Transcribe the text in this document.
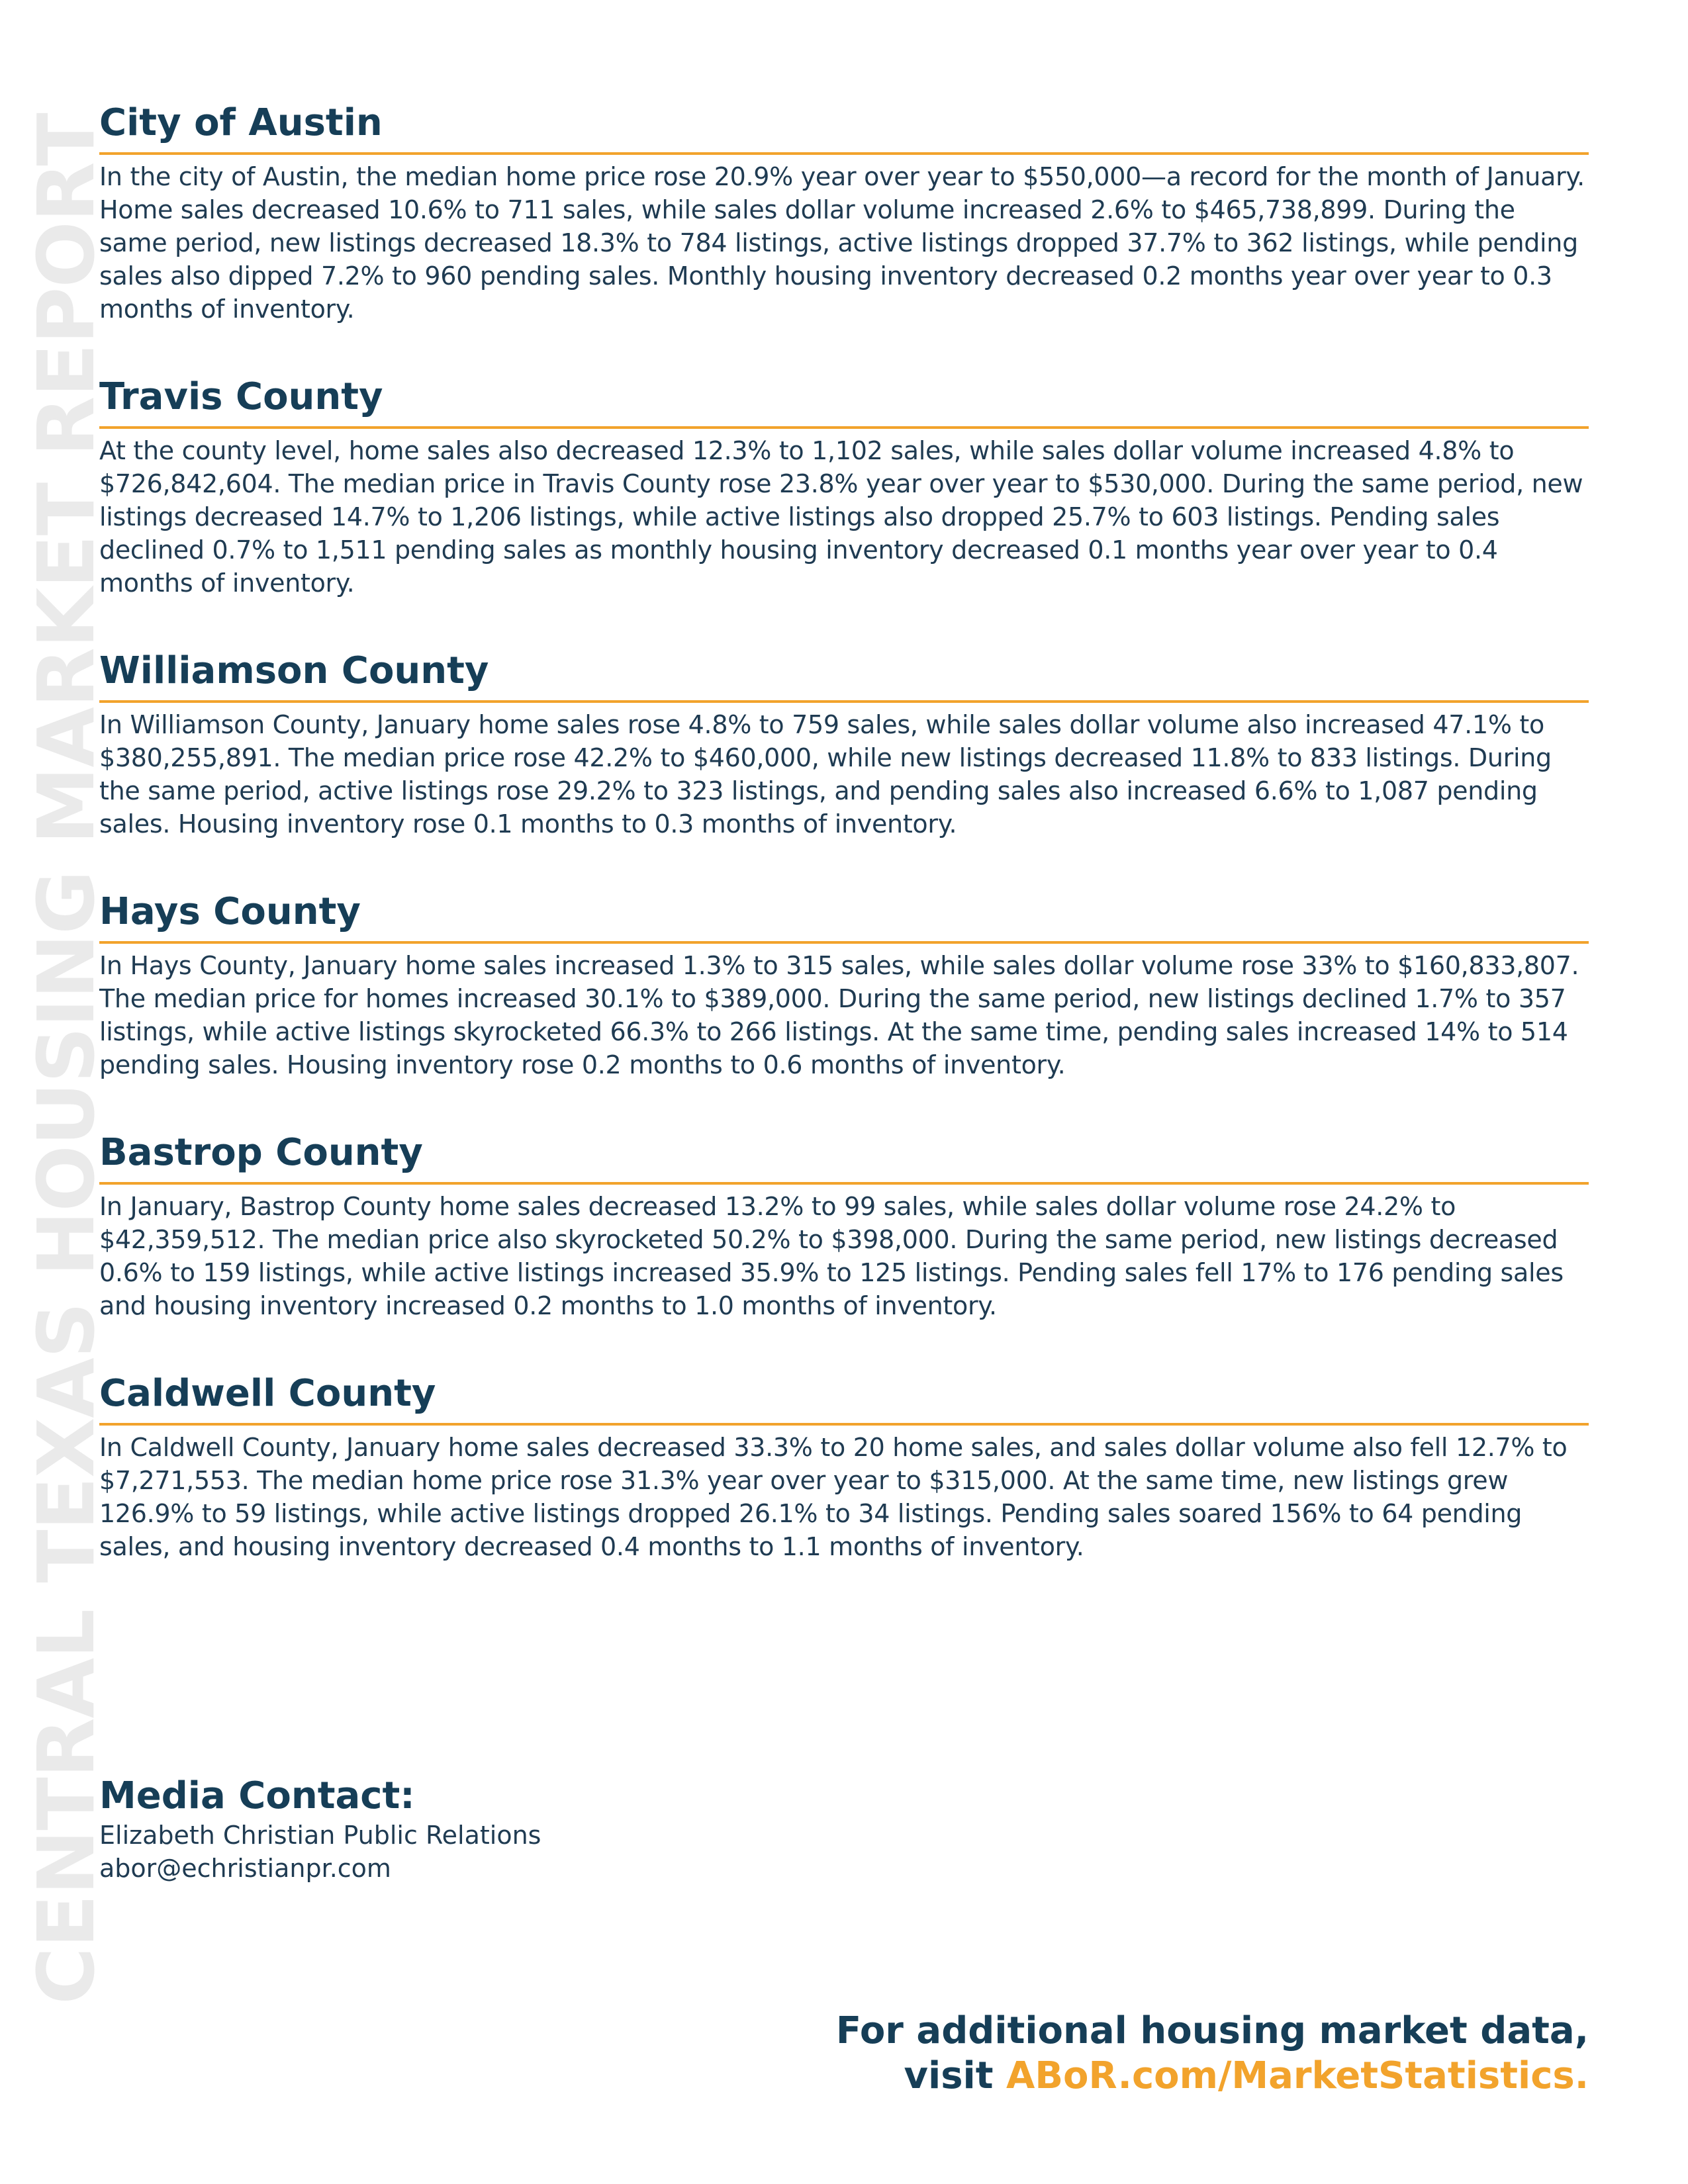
CENTRAL TEXAS HOUSING MARKET REPORT
City of Austin

In the city of Austin, the median home price rose 20.9% year over year to $550,000—a record for the month of January. Home sales decreased 10.6% to 711 sales, while sales dollar volume increased 2.6% to $465,738,899. During the same period, new listings decreased 18.3% to 784 listings, active listings dropped 37.7% to 362 listings, while pending sales also dipped 7.2% to 960 pending sales. Monthly housing inventory decreased 0.2 months year over year to 0.3 months of inventory.

Travis County

At the county level, home sales also decreased 12.3% to 1,102 sales, while sales dollar volume increased 4.8% to $726,842,604. The median price in Travis County rose 23.8% year over year to $530,000. During the same period, new listings decreased 14.7% to 1,206 listings, while active listings also dropped 25.7% to 603 listings. Pending sales declined 0.7% to 1,511 pending sales as monthly housing inventory decreased 0.1 months year over year to 0.4 months of inventory.

Williamson County

In Williamson County, January home sales rose 4.8% to 759 sales, while sales dollar volume also increased 47.1% to $380,255,891. The median price rose 42.2% to $460,000, while new listings decreased 11.8% to 833 listings. During the same period, active listings rose 29.2% to 323 listings, and pending sales also increased 6.6% to 1,087 pending sales. Housing inventory rose 0.1 months to 0.3 months of inventory.

Hays County

In Hays County, January home sales increased 1.3% to 315 sales, while sales dollar volume rose 33% to $160,833,807. The median price for homes increased 30.1% to $389,000. During the same period, new listings declined 1.7% to 357 listings, while active listings skyrocketed 66.3% to 266 listings. At the same time, pending sales increased 14% to 514 pending sales. Housing inventory rose 0.2 months to 0.6 months of inventory.

Bastrop County

In January, Bastrop County home sales decreased 13.2% to 99 sales, while sales dollar volume rose 24.2% to $42,359,512. The median price also skyrocketed 50.2% to $398,000. During the same period, new listings decreased 0.6% to 159 listings, while active listings increased 35.9% to 125 listings. Pending sales fell 17% to 176 pending sales and housing inventory increased 0.2 months to 1.0 months of inventory.

Caldwell County

In Caldwell County, January home sales decreased 33.3% to 20 home sales, and sales dollar volume also fell 12.7% to $7,271,553. The median home price rose 31.3% year over year to $315,000. At the same time, new listings grew 126.9% to 59 listings, while active listings dropped 26.1% to 34 listings. Pending sales soared 156% to 64 pending sales, and housing inventory decreased 0.4 months to 1.1 months of inventory.

Media Contact:
Elizabeth Christian Public Relations
abor@echristianpr.com
For additional housing market data,
visit ABoR.com/MarketStatistics.
